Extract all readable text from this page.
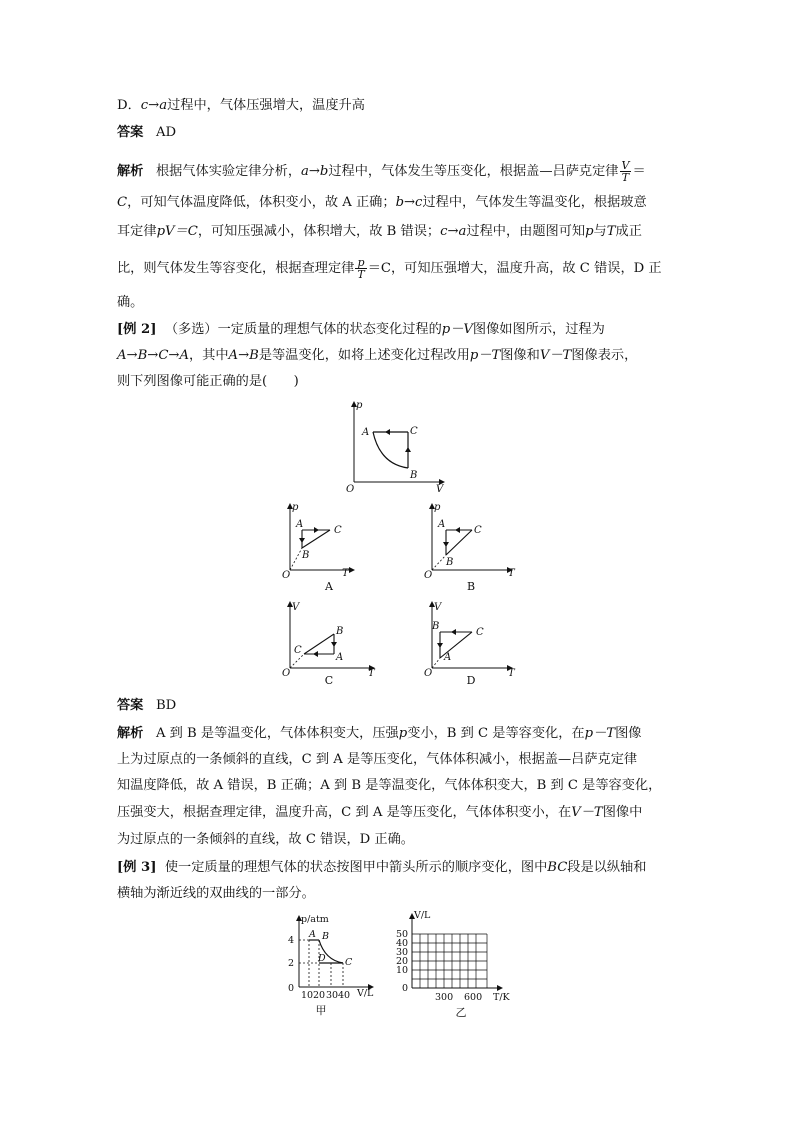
D．c→a过程中，气体压强增大，温度升高
答案 AD
解析 根据气体实验定律分析，a→b过程中，气体发生等压变化，根据盖—吕萨克定律 $\frac{V}{T}$ ＝
C，可知气体温度降低，体积变小，故 A 正确；b→c过程中，气体发生等温变化，根据玻意
耳定律pV＝C，可知压强减小，体积增大，故 B 错误；c→a过程中，由题图可知p与T成正
比，则气体发生等容变化，根据查理定律 $\frac{p}{T} =C$，可知压强增大，温度升高，故 C 错误，D 正
确。
[例 2] （多选）一定质量的理想气体的状态变化过程的p－V图像如图所示，过程为
A→B→C→A，其中A→B是等温变化，如将上述变化过程改用p－T图像和V－T图像表示，
则下列图像可能正确的是(　　)
p
V
O
A
B
C
p
T
O
A
B
C
A
p
T
O
A
B
C
B
V
T
O
C
B
A
C
V
T
O
B
C
A
D
答案 BD
解析 A 到 B 是等温变化，气体体积变大，压强p变小，B 到 C 是等容变化，在p－T图像
上为过原点的一条倾斜的直线，C 到 A 是等压变化，气体体积减小，根据盖—吕萨克定律
知温度降低，故 A 错误，B 正确；A 到 B 是等温变化，气体体积变大，B 到 C 是等容变化，
压强变大，根据查理定律，温度升高，C 到 A 是等压变化，气体体积变小，在V－T图像中
为过原点的一条倾斜的直线，故 C 错误，D 正确。
[例 3] 使一定质量的理想气体的状态按图甲中箭头所示的顺序变化，图中BC段是以纵轴和
横轴为渐近线的双曲线的一部分。
p/atm
V/L
4
2
0
10 20 30 40
A B
C
D
甲
V/L
T/K
50
40
30
20
10
0
300 600
乙
